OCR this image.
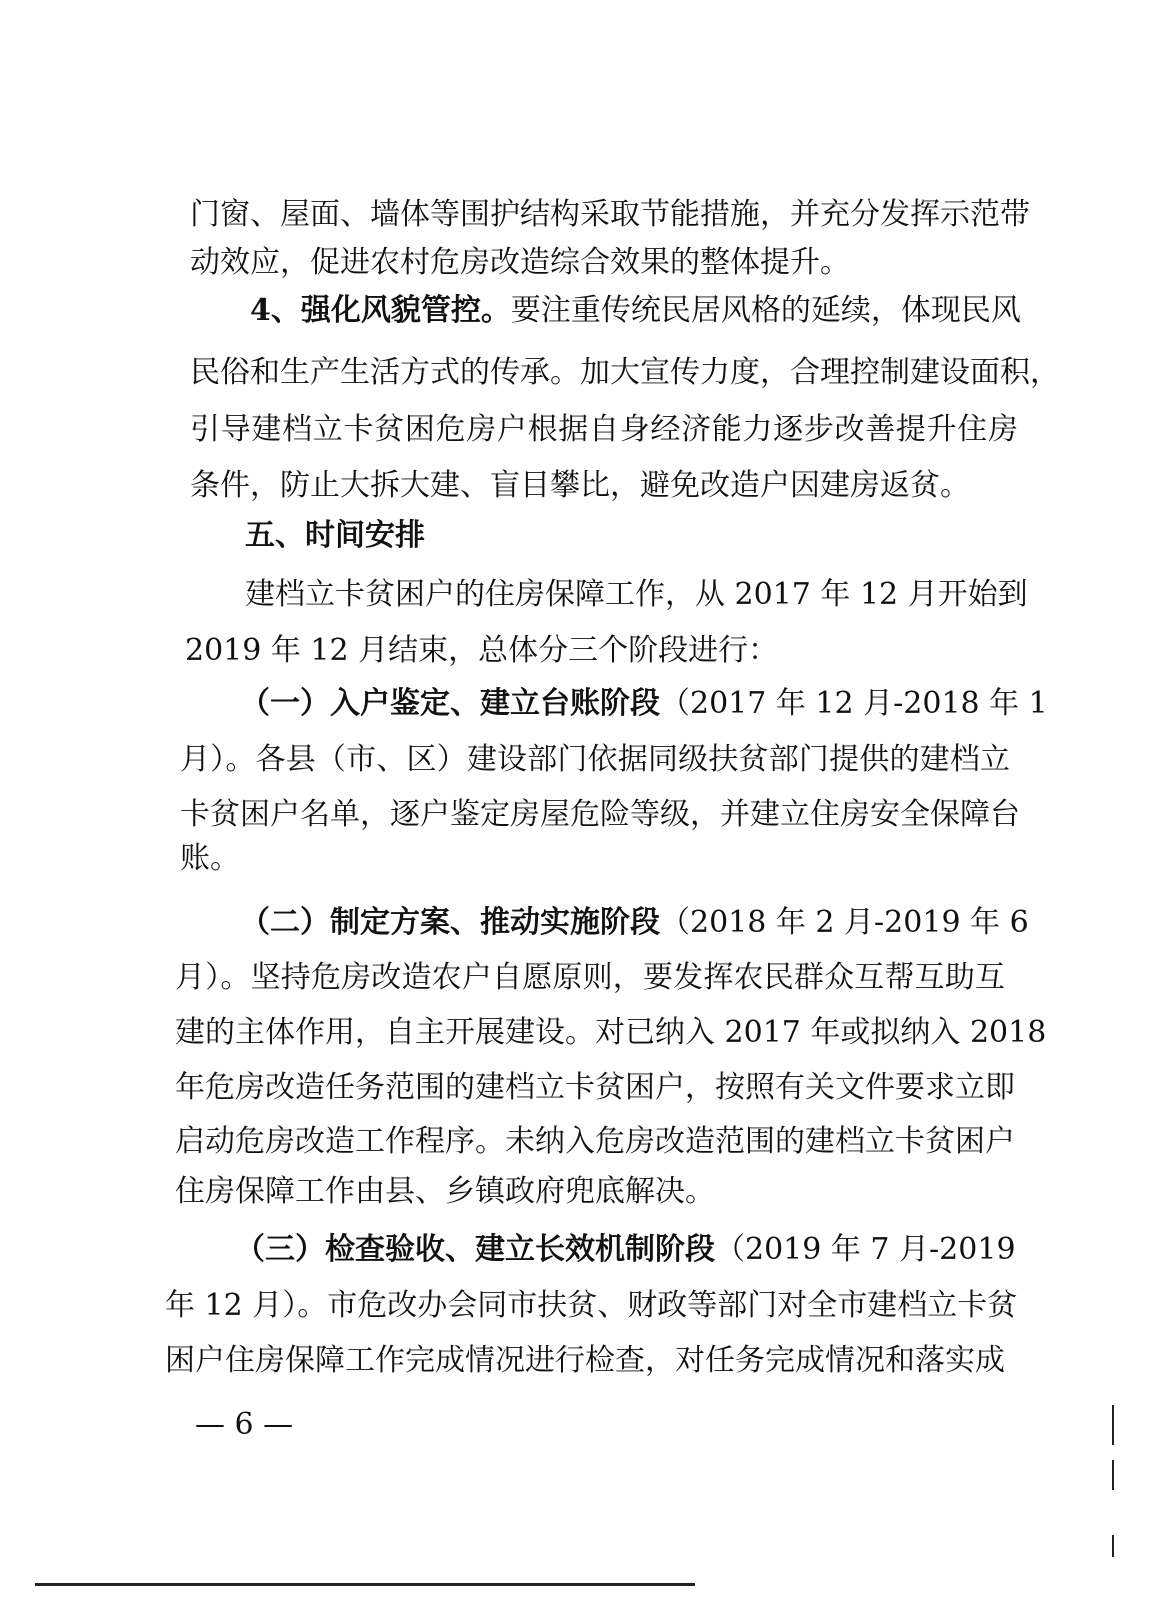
门窗、屋面、墙体等围护结构采取节能措施，并充分发挥示范带
动效应，促进农村危房改造综合效果的整体提升。
4、强化风貌管控。要注重传统民居风格的延续，体现民风
民俗和生产生活方式的传承。加大宣传力度，合理控制建设面积，
引导建档立卡贫困危房户根据自身经济能力逐步改善提升住房
条件，防止大拆大建、盲目攀比，避免改造户因建房返贫。
五、时间安排
建档立卡贫困户的住房保障工作，从 2017 年 12 月开始到
2019 年 12 月结束，总体分三个阶段进行：
（一）入户鉴定、建立台账阶段（2017 年 12 月-2018 年 1
月）。各县（市、区）建设部门依据同级扶贫部门提供的建档立
卡贫困户名单，逐户鉴定房屋危险等级，并建立住房安全保障台
账。
（二）制定方案、推动实施阶段（2018 年 2 月-2019 年 6
月）。坚持危房改造农户自愿原则，要发挥农民群众互帮互助互
建的主体作用，自主开展建设。对已纳入 2017 年或拟纳入 2018
年危房改造任务范围的建档立卡贫困户，按照有关文件要求立即
启动危房改造工作程序。未纳入危房改造范围的建档立卡贫困户
住房保障工作由县、乡镇政府兜底解决。
（三）检查验收、建立长效机制阶段（2019 年 7 月-2019
年 12 月）。市危改办会同市扶贫、财政等部门对全市建档立卡贫
困户住房保障工作完成情况进行检查，对任务完成情况和落实成
— 6 —
